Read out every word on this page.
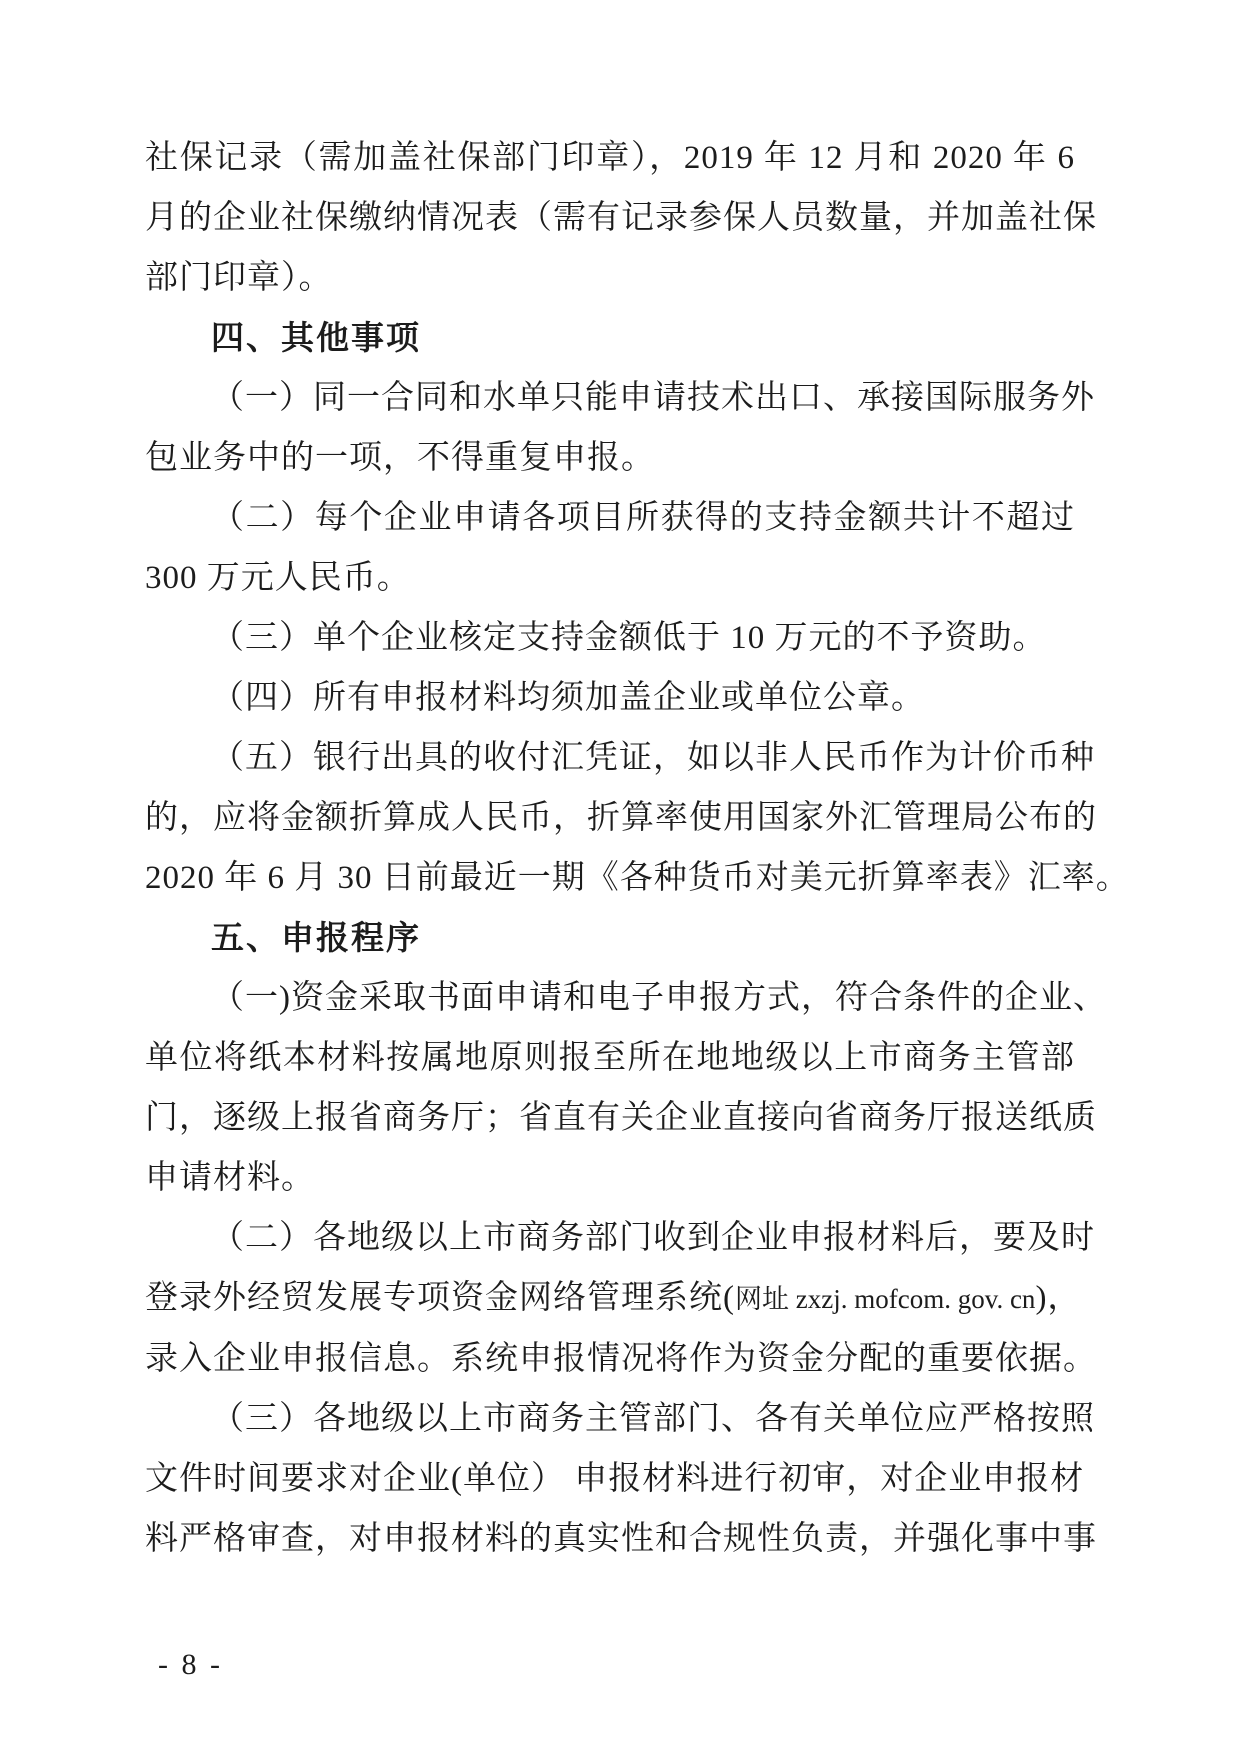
社保记录（需加盖社保部门印章），2019 年 12 月和 2020 年 6
月的企业社保缴纳情况表（需有记录参保人员数量，并加盖社保
部门印章）。
四、其他事项
（一）同一合同和水单只能申请技术出口、承接国际服务外
包业务中的一项，不得重复申报。
（二）每个企业申请各项目所获得的支持金额共计不超过
300 万元人民币。
（三）单个企业核定支持金额低于 10 万元的不予资助。
（四）所有申报材料均须加盖企业或单位公章。
（五）银行出具的收付汇凭证，如以非人民币作为计价币种
的，应将金额折算成人民币，折算率使用国家外汇管理局公布的
2020 年 6 月 30 日前最近一期《各种货币对美元折算率表》汇率。
五、申报程序
（一)资金采取书面申请和电子申报方式，符合条件的企业、
单位将纸本材料按属地原则报至所在地地级以上市商务主管部
门，逐级上报省商务厅；省直有关企业直接向省商务厅报送纸质
申请材料。
（二）各地级以上市商务部门收到企业申报材料后，要及时
登录外经贸发展专项资金网络管理系统(网址 zxzj. mofcom. gov. cn)，
录入企业申报信息。系统申报情况将作为资金分配的重要依据。
（三）各地级以上市商务主管部门、各有关单位应严格按照
文件时间要求对企业(单位） 申报材料进行初审，对企业申报材
料严格审查，对申报材料的真实性和合规性负责，并强化事中事
- 8 -
